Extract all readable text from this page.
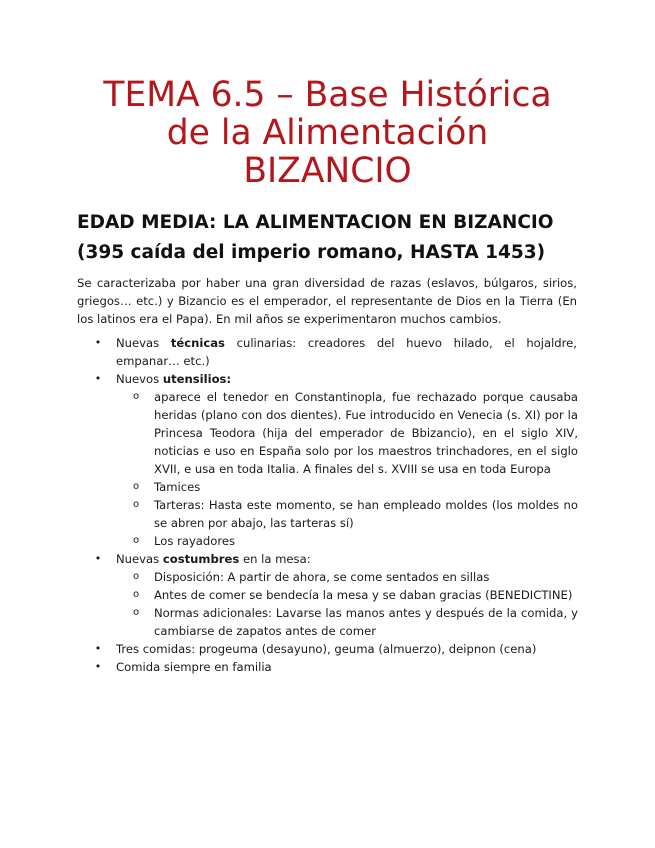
TEMA 6.5 – Base Histórica
de la Alimentación
BIZANCIO
EDAD MEDIA: LA ALIMENTACION EN BIZANCIO
(395 caída del imperio romano, HASTA 1453)

Se caracterizaba por haber una gran diversidad de razas (eslavos, búlgaros, sirios, griegos… etc.) y Bizancio es el emperador, el representante de Dios en la Tierra (En los latinos era el Papa). En mil años se experimentaron muchos cambios.

• Nuevas técnicas culinarias: creadores del huevo hilado, el hojaldre, empanar… etc.)
• Nuevos utensilios:
o aparece el tenedor en Constantinopla, fue rechazado porque causaba heridas (plano con dos dientes). Fue introducido en Venecia (s. XI) por la Princesa Teodora (hija del emperador de Bbizancio), en el siglo XIV, noticias e uso en España solo por los maestros trinchadores, en el siglo XVII, e usa en toda Italia. A finales del s. XVIII se usa en toda Europa
o Tamices
o Tarteras: Hasta este momento, se han empleado moldes (los moldes no se abren por abajo, las tarteras sí)
o Los rayadores
• Nuevas costumbres en la mesa:
o Disposición: A partir de ahora, se come sentados en sillas
o Antes de comer se bendecía la mesa y se daban gracias (BENEDICTINE)
o Normas adicionales: Lavarse las manos antes y después de la comida, y cambiarse de zapatos antes de comer
• Tres comidas: progeuma (desayuno), geuma (almuerzo), deipnon (cena)
• Comida siempre en familia
